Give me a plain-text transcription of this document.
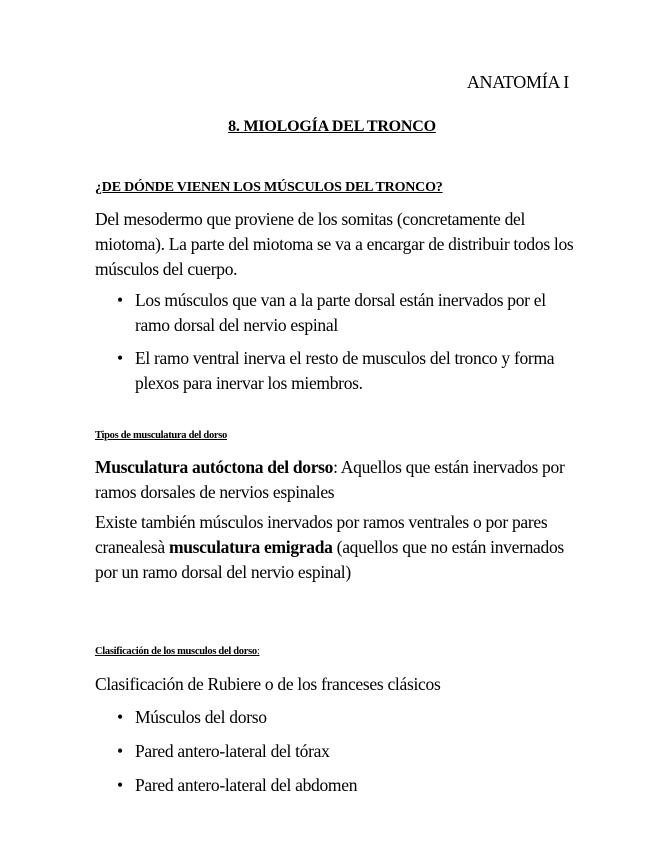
ANATOMÍA I
8. MIOLOGÍA DEL TRONCO
¿DE DÓNDE VIENEN LOS MÚSCULOS DEL TRONCO?
Del mesodermo que proviene de los somitas (concretamente del miotoma). La parte del miotoma se va a encargar de distribuir todos los músculos del cuerpo.
• Los músculos que van a la parte dorsal están inervados por el ramo dorsal del nervio espinal
• El ramo ventral inerva el resto de musculos del tronco y forma plexos para inervar los miembros.
Tipos de musculatura del dorso
Musculatura autóctona del dorso: Aquellos que están inervados por ramos dorsales de nervios espinales
Existe también músculos inervados por ramos ventrales o por pares cranealesà musculatura emigrada (aquellos que no están invernados por un ramo dorsal del nervio espinal)
Clasificación de los musculos del dorso:
Clasificación de Rubiere o de los franceses clásicos
• Músculos del dorso
• Pared antero-lateral del tórax
• Pared antero-lateral del abdomen
